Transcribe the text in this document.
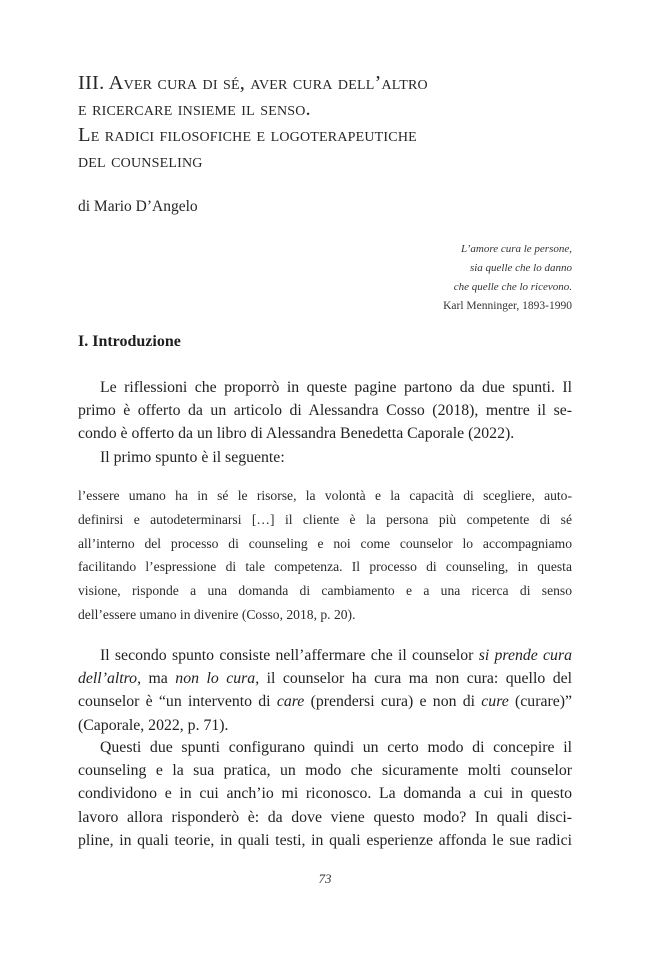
III. Aver cura di sé, aver cura dell’altro
e ricercare insieme il senso.
Le radici filosofiche e logoterapeutiche
del counseling
di Mario D’Angelo
L’amore cura le persone,
sia quelle che lo danno
che quelle che lo ricevono.
Karl Menninger, 1893-1990
I. Introduzione
Le riflessioni che proporrò in queste pagine partono da due spunti. Il
primo è offerto da un articolo di Alessandra Cosso (2018), mentre il se-
condo è offerto da un libro di Alessandra Benedetta Caporale (2022).
Il primo spunto è il seguente:
l’essere umano ha in sé le risorse, la volontà e la capacità di scegliere, auto-
definirsi e autodeterminarsi […] il cliente è la persona più competente di sé
all’interno del processo di counseling e noi come counselor lo accompagniamo
facilitando l’espressione di tale competenza. Il processo di counseling, in questa
visione, risponde a una domanda di cambiamento e a una ricerca di senso
dell’essere umano in divenire (Cosso, 2018, p. 20).
Il secondo spunto consiste nell’affermare che il counselor si prende cura
dell’altro, ma non lo cura, il counselor ha cura ma non cura: quello del
counselor è “un intervento di care (prendersi cura) e non di cure (curare)”
(Caporale, 2022, p. 71).
Questi due spunti configurano quindi un certo modo di concepire il
counseling e la sua pratica, un modo che sicuramente molti counselor
condividono e in cui anch’io mi riconosco. La domanda a cui in questo
lavoro allora risponderò è: da dove viene questo modo? In quali disci-
pline, in quali teorie, in quali testi, in quali esperienze affonda le sue radici
73
